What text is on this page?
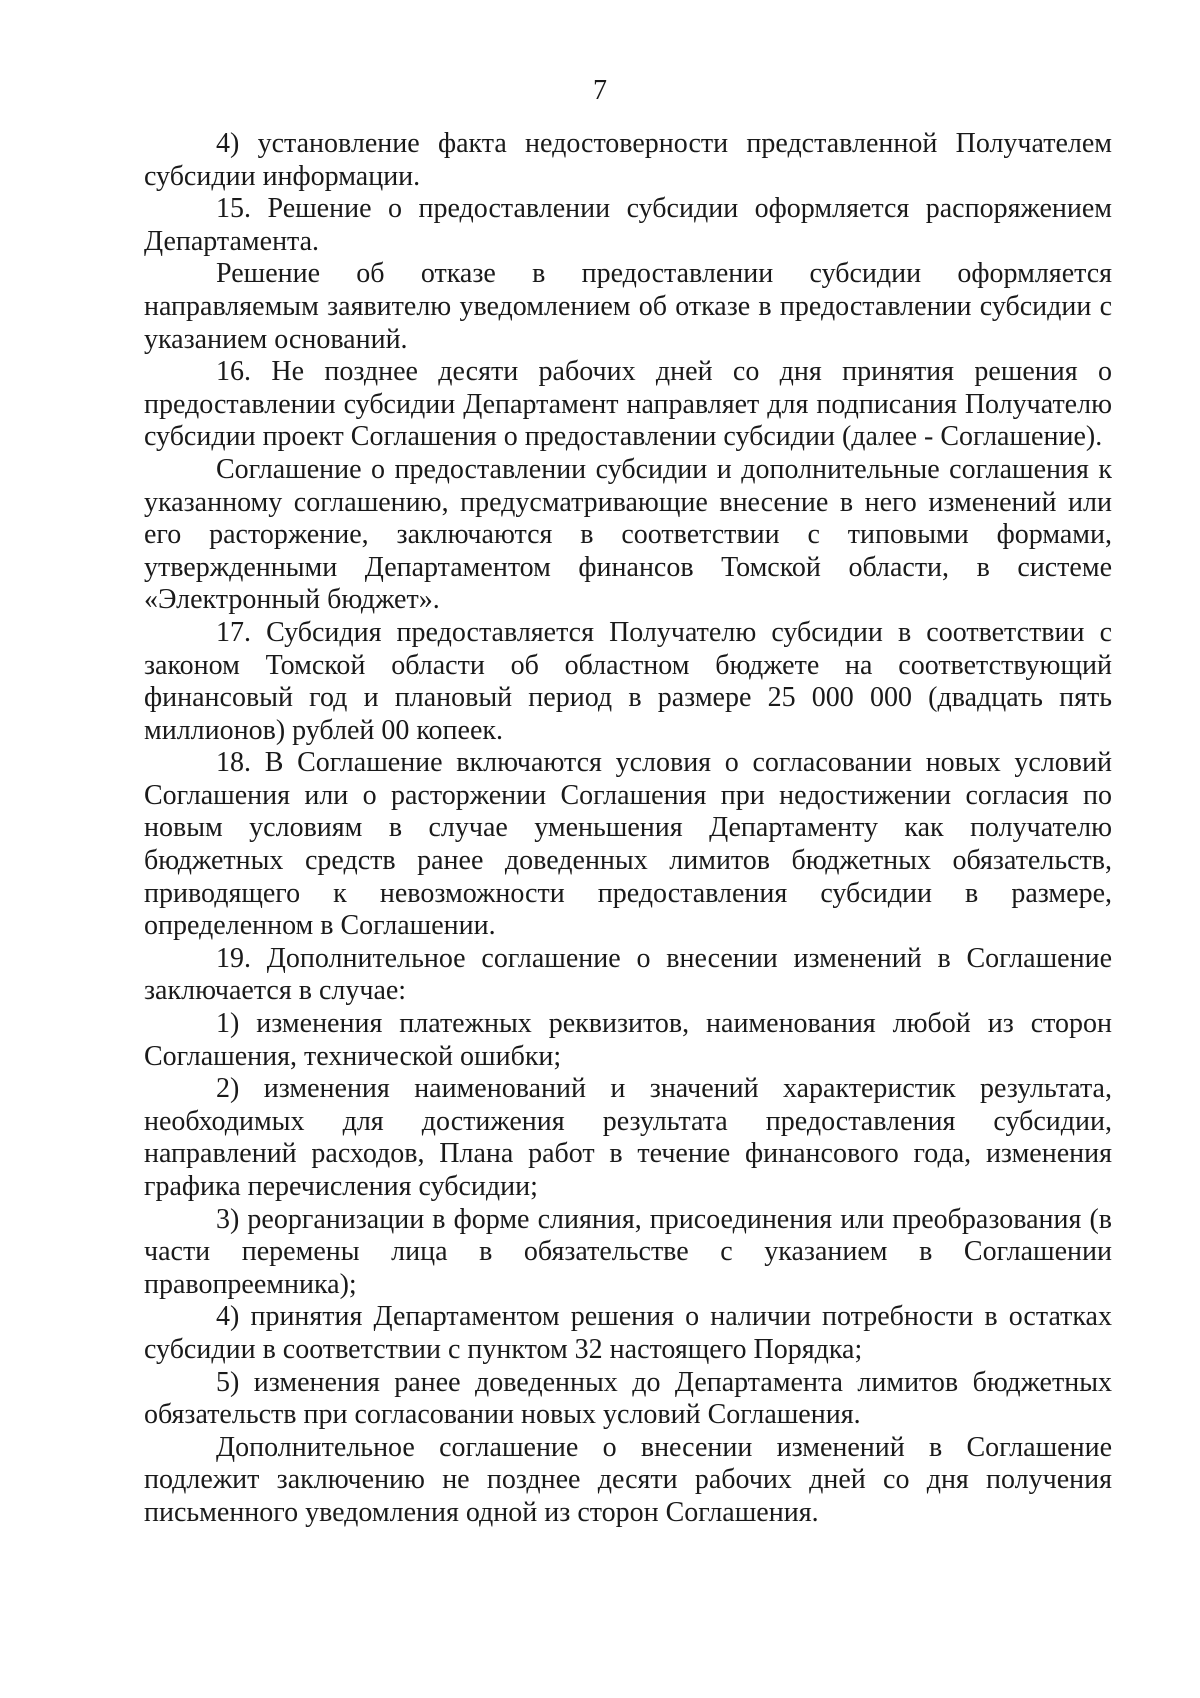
7

4) установление факта недостоверности представленной Получателем субсидии информации.

15. Решение о предоставлении субсидии оформляется распоряжением Департамента.

Решение об отказе в предоставлении субсидии оформляется направляемым заявителю уведомлением об отказе в предоставлении субсидии с указанием оснований.

16. Не позднее десяти рабочих дней со дня принятия решения о предоставлении субсидии Департамент направляет для подписания Получателю субсидии проект Соглашения о предоставлении субсидии (далее - Соглашение).

Соглашение о предоставлении субсидии и дополнительные соглашения к указанному соглашению, предусматривающие внесение в него изменений или его расторжение, заключаются в соответствии с типовыми формами, утвержденными Департаментом финансов Томской области, в системе «Электронный бюджет».

17. Субсидия предоставляется Получателю субсидии в соответствии с законом Томской области об областном бюджете на соответствующий финансовый год и плановый период в размере 25 000 000 (двадцать пять миллионов) рублей 00 копеек.

18. В Соглашение включаются условия о согласовании новых условий Соглашения или о расторжении Соглашения при недостижении согласия по новым условиям в случае уменьшения Департаменту как получателю бюджетных средств ранее доведенных лимитов бюджетных обязательств, приводящего к невозможности предоставления субсидии в размере, определенном в Соглашении.

19. Дополнительное соглашение о внесении изменений в Соглашение заключается в случае:

1) изменения платежных реквизитов, наименования любой из сторон Соглашения, технической ошибки;

2) изменения наименований и значений характеристик результата, необходимых для достижения результата предоставления субсидии, направлений расходов, Плана работ в течение финансового года, изменения графика перечисления субсидии;

3) реорганизации в форме слияния, присоединения или преобразования (в части перемены лица в обязательстве с указанием в Соглашении правопреемника);

4) принятия Департаментом решения о наличии потребности в остатках субсидии в соответствии с пунктом 32 настоящего Порядка;

5) изменения ранее доведенных до Департамента лимитов бюджетных обязательств при согласовании новых условий Соглашения.

Дополнительное соглашение о внесении изменений в Соглашение подлежит заключению не позднее десяти рабочих дней со дня получения письменного уведомления одной из сторон Соглашения.
